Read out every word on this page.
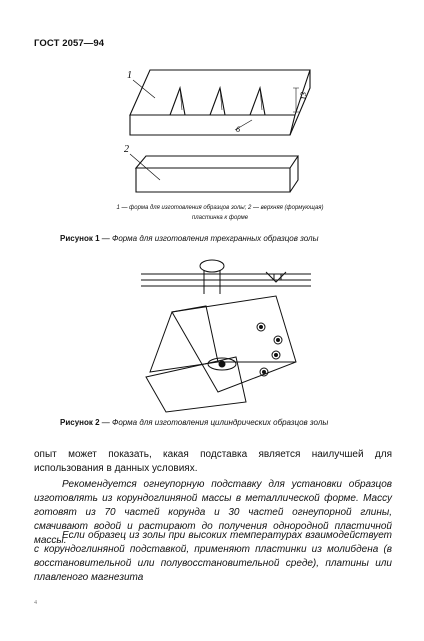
ГОСТ 2057—94
1
2
13
6
1 — форма для изготовления образцов золы; 2 — верхняя (формующая)
пластинка к форме
Рисунок 1 — Форма для изготовления трехгранных образцов золы
Рисунок 2 — Форма для изготовления цилиндрических образцов золы

опыт может показать, какая подставка является наилучшей для использования в данных условиях.

Рекомендуется огнеупорную подставку для установки образцов изготовлять из корундоглиняной массы в металлической форме. Массу готовят из 70 частей корунда и 30 частей огнеупорной глины, смачивают водой и растирают до получения однородной пластичной массы.

Если образец из золы при высоких температурах взаимодействует с корундоглиняной подставкой, применяют пластинки из молибдена (в восстановительной или полувосстановительной среде), платины или плавленого магнезита

4
